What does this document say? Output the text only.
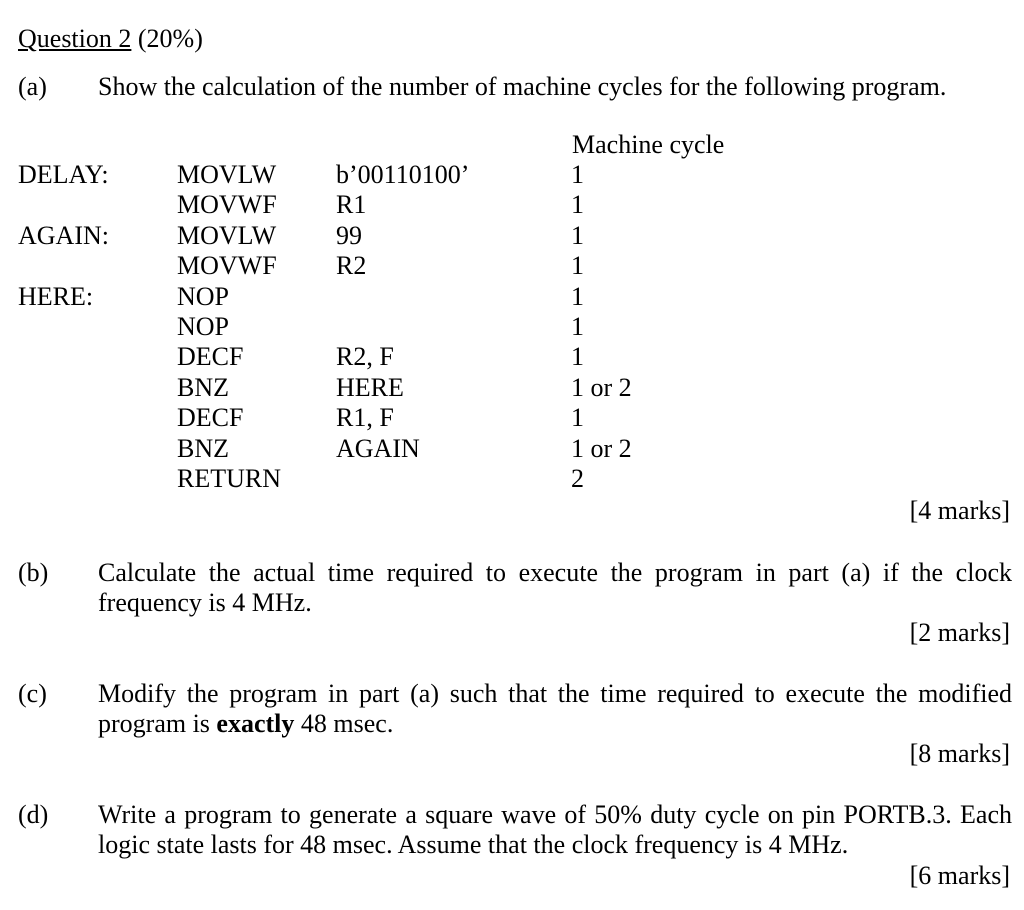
Question 2 (20%)
(a) Show the calculation of the number of machine cycles for the following program.
Machine cycle
DELAY:	MOVLW b’00110100’	1
MOVWF R1	1
AGAIN:	MOVLW 99	1
MOVWF R2	1
HERE:	NOP	1
NOP	1
DECF	R2, F	1
BNZ	HERE	1 or 2
DECF	R1, F	1
BNZ	AGAIN	1 or 2
RETURN	2
[4 marks]
(b) Calculate the actual time required to execute the program in part (a) if the clock frequency is 4 MHz.
[2 marks]
(c) Modify the program in part (a) such that the time required to execute the modified program is exactly 48 msec.
[8 marks]
(d) Write a program to generate a square wave of 50% duty cycle on pin PORTB.3. Each logic state lasts for 48 msec. Assume that the clock frequency is 4 MHz.
[6 marks]
